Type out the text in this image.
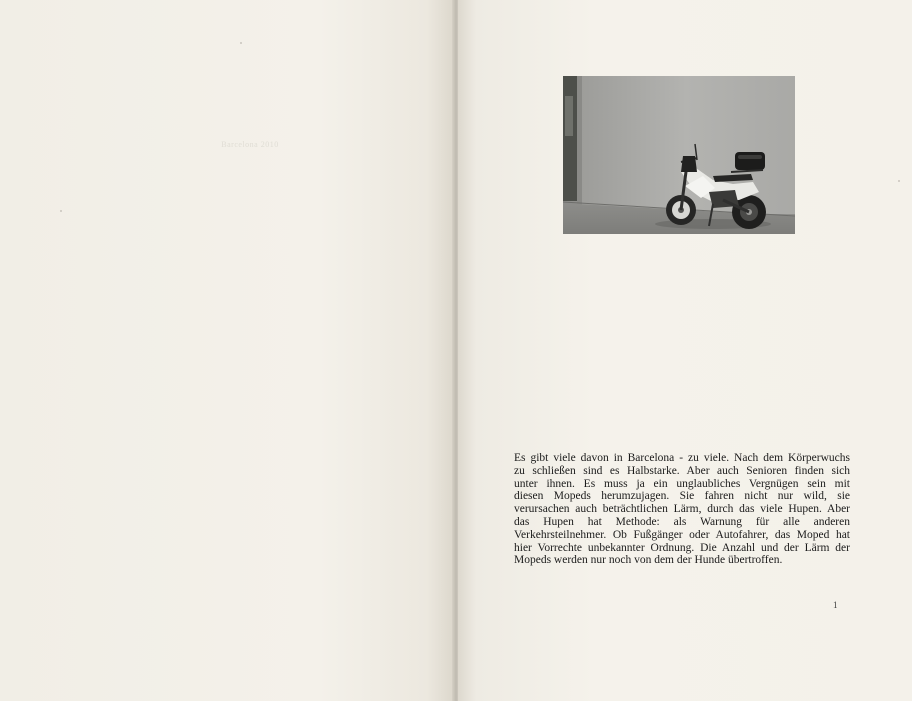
Barcelona 2010
Es gibt viele davon in Barcelona - zu viele. Nach dem Körperwuchs
zu schließen sind es Halbstarke. Aber auch Senioren finden sich
unter ihnen. Es muss ja ein unglaubliches Vergnügen sein mit
diesen Mopeds herumzujagen. Sie fahren nicht nur wild, sie
verursachen auch beträchtlichen Lärm, durch das viele Hupen. Aber
das Hupen hat Methode: als Warnung für alle anderen
Verkehrsteilnehmer. Ob Fußgänger oder Autofahrer, das Moped hat
hier Vorrechte unbekannter Ordnung. Die Anzahl und der Lärm der
Mopeds werden nur noch von dem der Hunde übertroffen.
1
